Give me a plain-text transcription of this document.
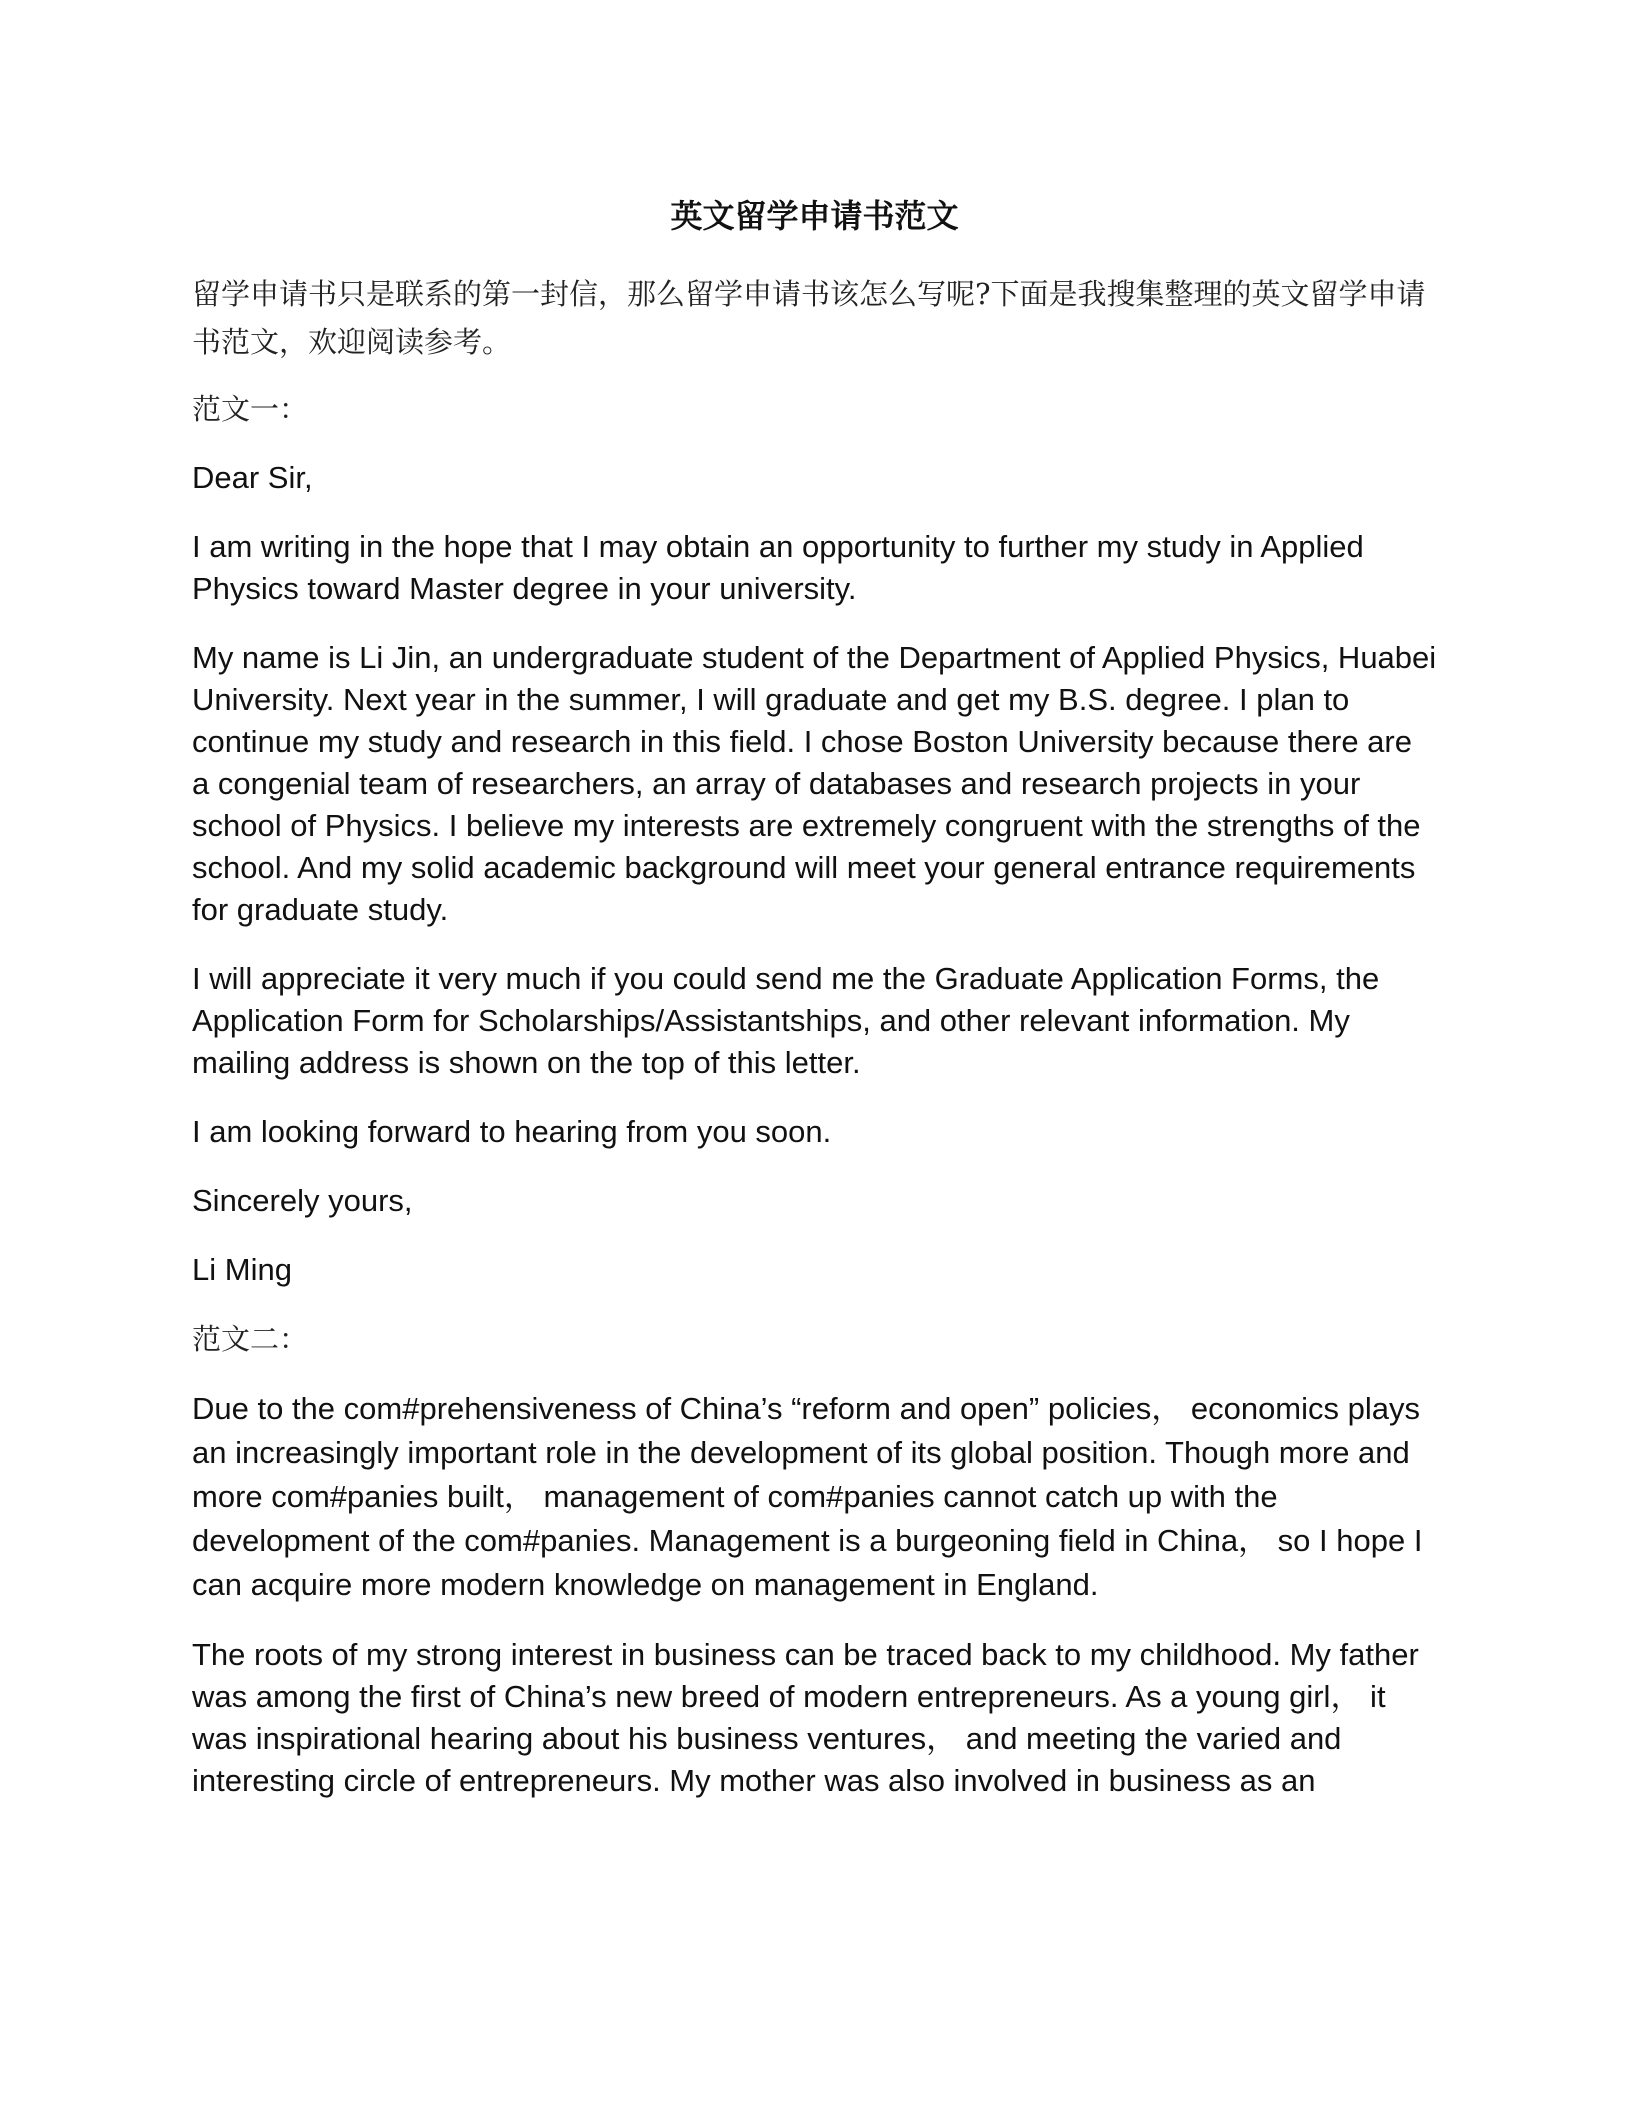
英文留学申请书范文

留学申请书只是联系的第一封信，那么留学申请书该怎么写呢?下面是我搜集整理的英文留学申请书范文，欢迎阅读参考。

范文一：

Dear Sir,

I am writing in the hope that I may obtain an opportunity to further my study in Applied Physics toward Master degree in your university.

My name is Li Jin, an undergraduate student of the Department of Applied Physics, Huabei University. Next year in the summer, I will graduate and get my B.S. degree. I plan to continue my study and research in this field. I chose Boston University because there are a congenial team of researchers, an array of databases and research projects in your school of Physics. I believe my interests are extremely congruent with the strengths of the school. And my solid academic background will meet your general entrance requirements for graduate study.

I will appreciate it very much if you could send me the Graduate Application Forms, the Application Form for Scholarships/Assistantships, and other relevant information. My mailing address is shown on the top of this letter.

I am looking forward to hearing from you soon.

Sincerely yours,

Li Ming

范文二：

Due to the com#prehensiveness of China’s “reform and open” policies， economics plays an increasingly important role in the development of its global position. Though more and more com#panies built， management of com#panies cannot catch up with the development of the com#panies. Management is a burgeoning field in China， so I hope I can acquire more modern knowledge on management in England.

The roots of my strong interest in business can be traced back to my childhood. My father was among the first of China’s new breed of modern entrepreneurs. As a young girl， it was inspirational hearing about his business ventures， and meeting the varied and interesting circle of entrepreneurs. My mother was also involved in business as an
